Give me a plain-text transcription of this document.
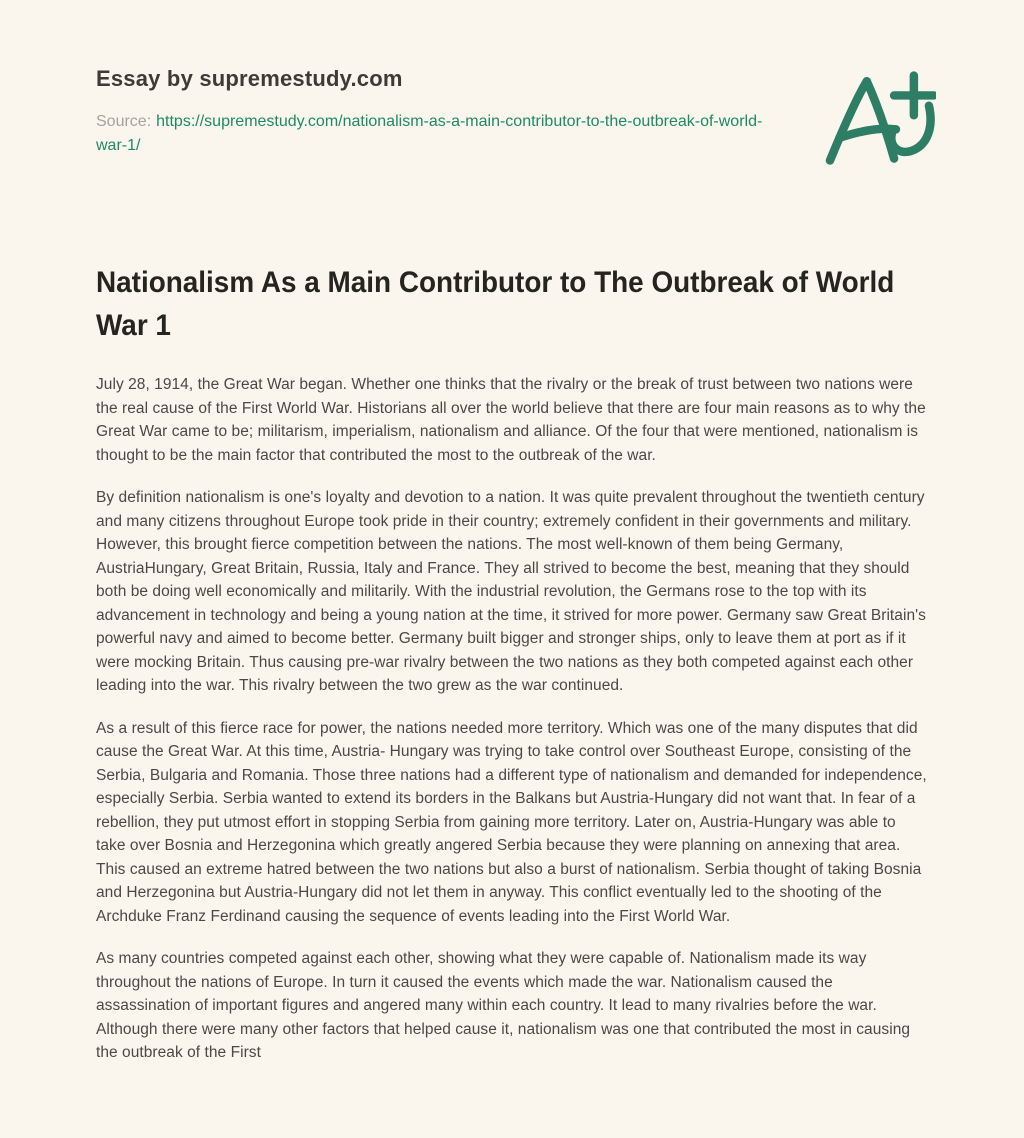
Essay by supremestudy.com

Source: https://supremestudy.com/nationalism-as-a-main-contributor-to-the-outbreak-of-world-war-1/

Nationalism As a Main Contributor to The Outbreak of World War 1

July 28, 1914, the Great War began. Whether one thinks that the rivalry or the break of trust between two nations were the real cause of the First World War. Historians all over the world believe that there are four main reasons as to why the Great War came to be; militarism, imperialism, nationalism and alliance. Of the four that were mentioned, nationalism is thought to be the main factor that contributed the most to the outbreak of the war.

By definition nationalism is one's loyalty and devotion to a nation. It was quite prevalent throughout the twentieth century and many citizens throughout Europe took pride in their country; extremely confident in their governments and military. However, this brought fierce competition between the nations. The most well-known of them being Germany, AustriaHungary, Great Britain, Russia, Italy and France. They all strived to become the best, meaning that they should both be doing well economically and militarily. With the industrial revolution, the Germans rose to the top with its advancement in technology and being a young nation at the time, it strived for more power. Germany saw Great Britain's powerful navy and aimed to become better. Germany built bigger and stronger ships, only to leave them at port as if it were mocking Britain. Thus causing pre-war rivalry between the two nations as they both competed against each other leading into the war. This rivalry between the two grew as the war continued.

As a result of this fierce race for power, the nations needed more territory. Which was one of the many disputes that did cause the Great War. At this time, Austria- Hungary was trying to take control over Southeast Europe, consisting of the Serbia, Bulgaria and Romania. Those three nations had a different type of nationalism and demanded for independence, especially Serbia. Serbia wanted to extend its borders in the Balkans but Austria-Hungary did not want that. In fear of a rebellion, they put utmost effort in stopping Serbia from gaining more territory. Later on, Austria-Hungary was able to take over Bosnia and Herzegonina which greatly angered Serbia because they were planning on annexing that area. This caused an extreme hatred between the two nations but also a burst of nationalism. Serbia thought of taking Bosnia and Herzegonina but Austria-Hungary did not let them in anyway. This conflict eventually led to the shooting of the Archduke Franz Ferdinand causing the sequence of events leading into the First World War.

As many countries competed against each other, showing what they were capable of. Nationalism made its way throughout the nations of Europe. In turn it caused the events which made the war. Nationalism caused the assassination of important figures and angered many within each country. It lead to many rivalries before the war. Although there were many other factors that helped cause it, nationalism was one that contributed the most in causing the outbreak of the First
